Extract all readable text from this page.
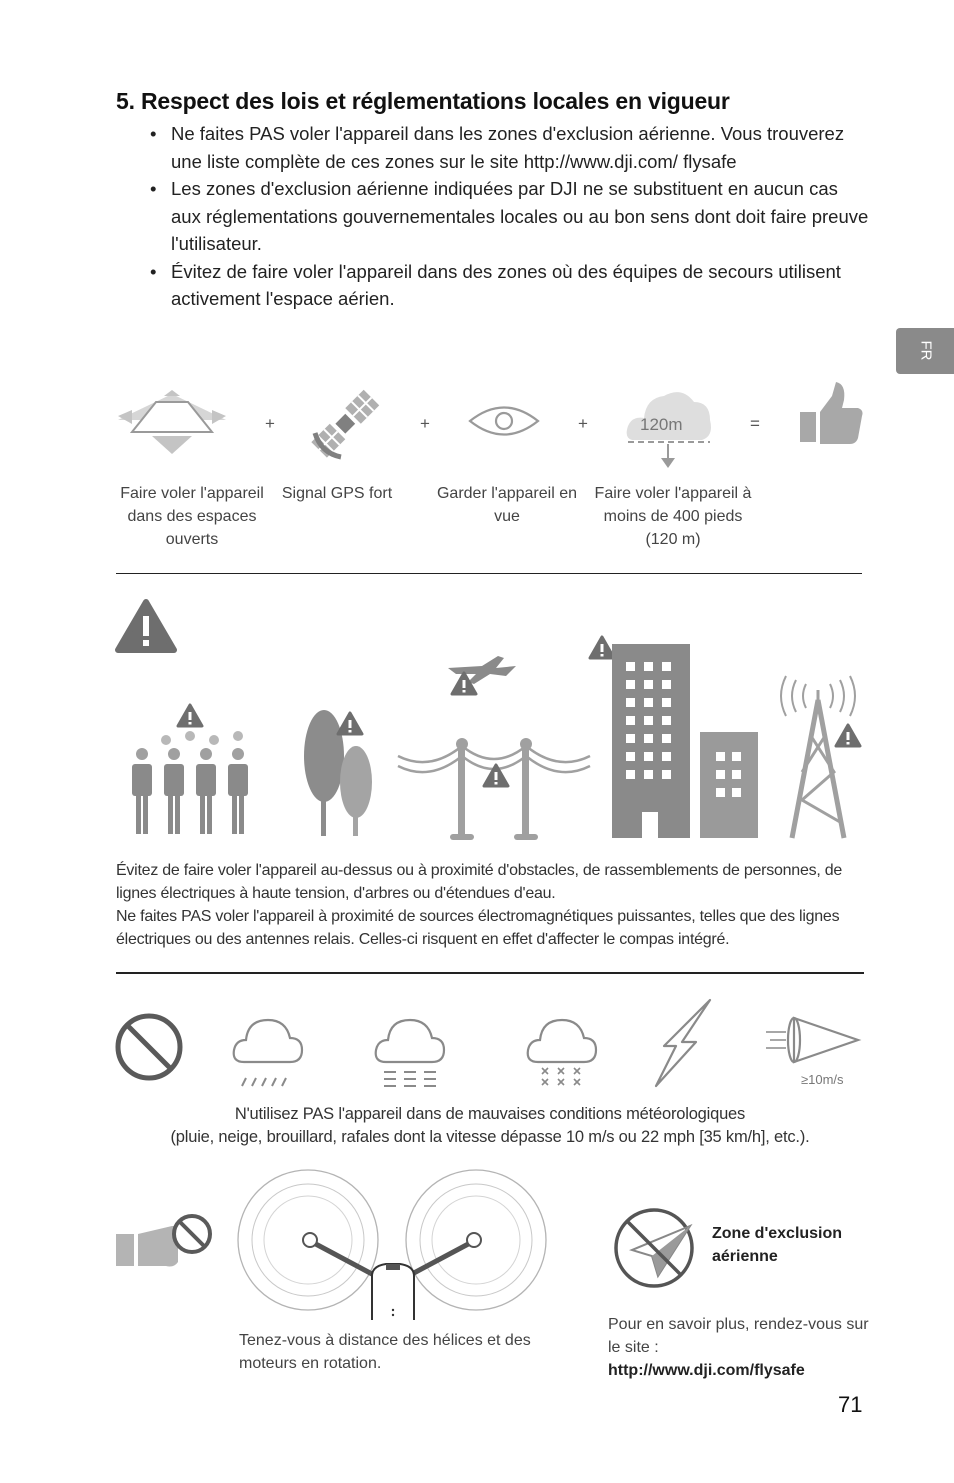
5. Respect des lois et réglementations locales en vigueur
• Ne faites PAS voler l'appareil dans les zones d'exclusion aérienne. Vous trouverez une liste complète de ces zones sur le site http://www.dji.com/ flysafe
• Les zones d'exclusion aérienne indiquées par DJI ne se substituent en aucun cas aux réglementations gouvernementales locales ou au bon sens dont doit faire preuve l'utilisateur.
• Évitez de faire voler l'appareil dans des zones où des équipes de secours utilisent activement l'espace aérien.
FR
+	+	+	120m	=
Faire voler l'appareil dans des espaces ouverts
Signal GPS fort	Garder l'appareil en vue
Faire voler l'appareil à moins de 400 pieds (120 m)
Évitez de faire voler l'appareil au-dessus ou à proximité d'obstacles, de rassemblements de personnes, de lignes électriques à haute tension, d'arbres ou d'étendues d'eau.
Ne faites PAS voler l'appareil à proximité de sources électromagnétiques puissantes, telles que des lignes électriques ou des antennes relais. Celles-ci risquent en effet d'affecter le compas intégré.
≥10m/s
N'utilisez PAS l'appareil dans de mauvaises conditions météorologiques
(pluie, neige, brouillard, rafales dont la vitesse dépasse 10 m/s ou 22 mph [35 km/h], etc.).
Tenez-vous à distance des hélices et des moteurs en rotation.
Zone d'exclusion aérienne
Pour en savoir plus, rendez-vous sur le site :
http://www.dji.com/flysafe
71
